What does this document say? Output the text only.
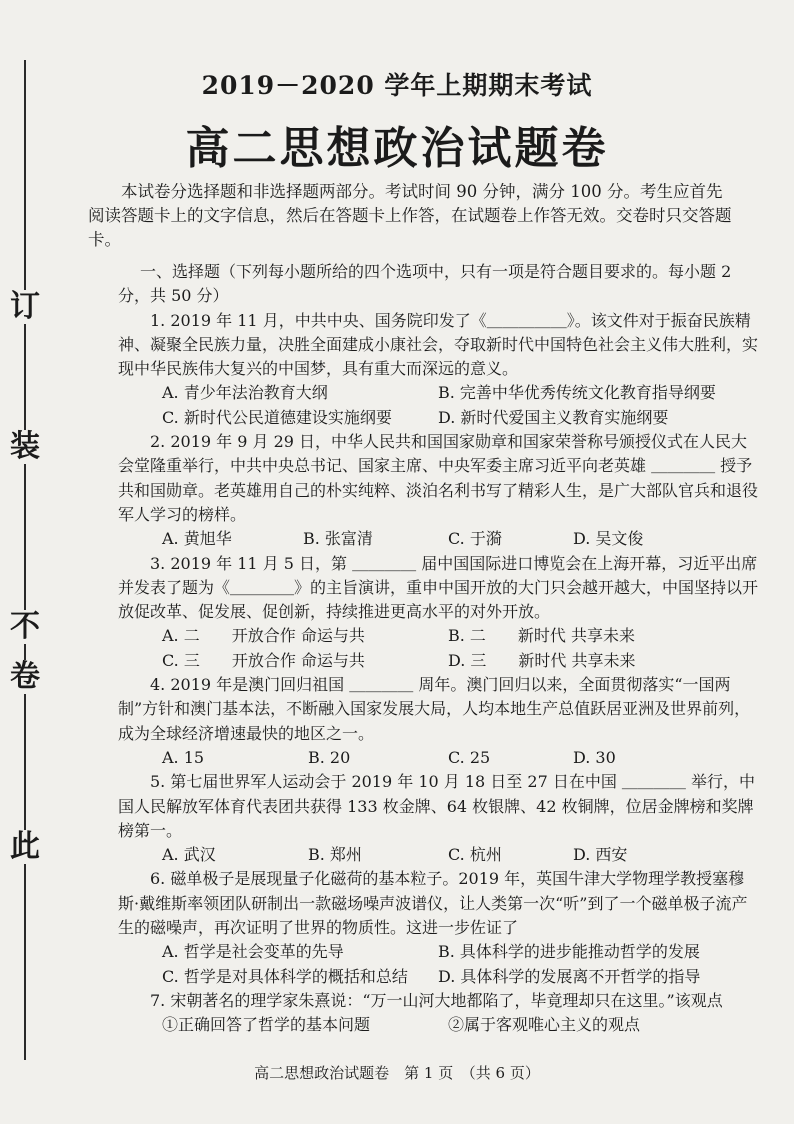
此
卷
不
装
订
2019－2020 学年上期期末考试
高二思想政治试题卷
本试卷分选择题和非选择题两部分。考试时间 90 分钟，满分 100 分。考生应首先阅读答题卡上的文字信息，然后在答题卡上作答，在试题卷上作答无效。交卷时只交答题卡。

一、选择题（下列每小题所给的四个选项中，只有一项是符合题目要求的。每小题 2 分，共 50 分）

1. 2019 年 11 月，中共中央、国务院印发了《＿＿＿＿＿》。该文件对于振奋民族精神、凝聚全民族力量，决胜全面建成小康社会，夺取新时代中国特色社会主义伟大胜利，实现中华民族伟大复兴的中国梦，具有重大而深远的意义。

A. 青少年法治教育大纲	B. 完善中华优秀传统文化教育指导纲要
C. 新时代公民道德建设实施纲要	D. 新时代爱国主义教育实施纲要

2. 2019 年 9 月 29 日，中华人民共和国国家勋章和国家荣誉称号颁授仪式在人民大会堂隆重举行，中共中央总书记、国家主席、中央军委主席习近平向老英雄 ＿＿＿＿ 授予共和国勋章。老英雄用自己的朴实纯粹、淡泊名利书写了精彩人生，是广大部队官兵和退役军人学习的榜样。

A. 黄旭华	B. 张富清	C. 于漪	D. 吴文俊

3. 2019 年 11 月 5 日，第 ＿＿＿＿ 届中国国际进口博览会在上海开幕，习近平出席并发表了题为《＿＿＿＿》的主旨演讲，重申中国开放的大门只会越开越大，中国坚持以开放促改革、促发展、促创新，持续推进更高水平的对外开放。

A. 二　　开放合作 命运与共	B. 二　　新时代 共享未来
C. 三　　开放合作 命运与共	D. 三　　新时代 共享未来

4. 2019 年是澳门回归祖国 ＿＿＿＿ 周年。澳门回归以来，全面贯彻落实“一国两制”方针和澳门基本法，不断融入国家发展大局，人均本地生产总值跃居亚洲及世界前列，成为全球经济增速最快的地区之一。

A. 15	B. 20	C. 25	D. 30

5. 第七届世界军人运动会于 2019 年 10 月 18 日至 27 日在中国 ＿＿＿＿ 举行，中国人民解放军体育代表团共获得 133 枚金牌、64 枚银牌、42 枚铜牌，位居金牌榜和奖牌榜第一。

A. 武汉	B. 郑州	C. 杭州	D. 西安

6. 磁单极子是展现量子化磁荷的基本粒子。2019 年，英国牛津大学物理学教授塞穆斯·戴维斯率领团队研制出一款磁场噪声波谱仪，让人类第一次“听”到了一个磁单极子流产生的磁噪声，再次证明了世界的物质性。这进一步佐证了

A. 哲学是社会变革的先导	B. 具体科学的进步能推动哲学的发展
C. 哲学是对具体科学的概括和总结 D. 具体科学的发展离不开哲学的指导

7. 宋朝著名的理学家朱熹说：“万一山河大地都陷了，毕竟理却只在这里。”该观点

①正确回答了哲学的基本问题	②属于客观唯心主义的观点
高二思想政治试题卷　第 1 页　（共 6 页）
